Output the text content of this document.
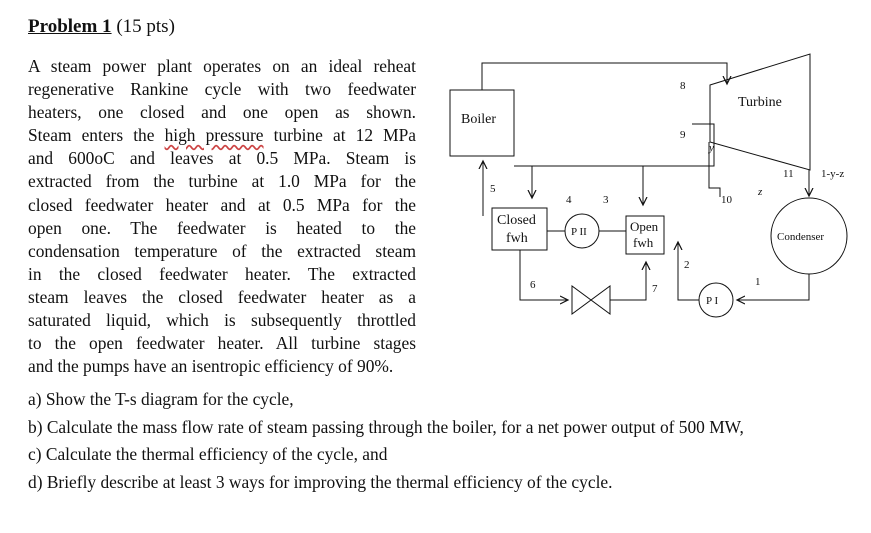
Problem 1 (15 pts)
A steam power plant operates on an ideal reheat
regenerative Rankine cycle with two feedwater
heaters, one closed and one open as shown.
Steam enters the high pressure turbine at 12 MPa
and 600oC and leaves at 0.5 MPa. Steam is
extracted from the turbine at 1.0 MPa for the
closed feedwater heater and at 0.5 MPa for the
open one. The feedwater is heated to the
condensation temperature of the extracted steam
in the closed feedwater heater. The extracted
steam leaves the closed feedwater heater as a
saturated liquid, which is subsequently throttled
to the open feedwater heater. All turbine stages
and the pumps have an isentropic efficiency of 90%.
a) Show the T-s diagram for the cycle,
b) Calculate the mass flow rate of steam passing through the boiler, for a net power output of 500 MW,
c) Calculate the thermal efficiency of the cycle, and
d) Briefly describe at least 3 ways for improving the thermal efficiency of the cycle.
Boiler
Turbine
Closed
fwh
Open
fwh	Condenser
P II
P I
8
9
10
11
5
4	3
6	7
2
1
y
z
1-y-z
